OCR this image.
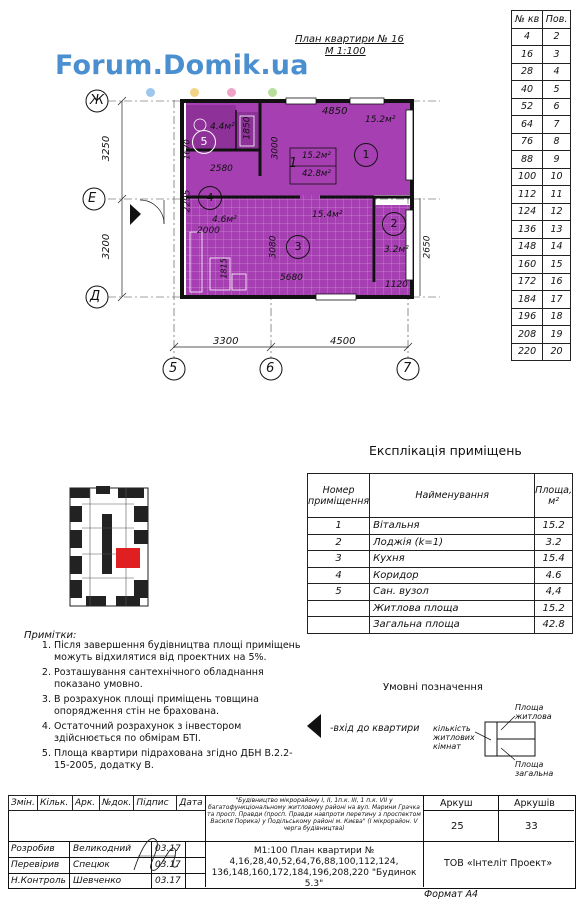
Forum.Domik.ua
План квартири № 16
М 1:100
Ж
Е
Д
5	6	7
3250
3200
3300	4500
4850
1850
3000
2580
2295
2000
3080
5680
1120
2650
1815
1670	1
15.2м²
2
3.2м²
3
15.4м²
4
4.6м²
5
4.4м²
1 15.2м²
42.8м²
№ кв	Пов.
4	2
16	3
28	4
40	5
52	6
64	7
76	8
88	9
100	10
112	11
124	12
136	13
148	14
160	15
172	16
184	17
196	18
208	19
220	20
Експлікація приміщень
Номер приміщення	Найменування	Площа, м²
1	Вітальня	15.2
2	Лоджія (k=1)	3.2
3	Кухня	15.4
4	Коридор	4.6
5	Сан. вузол	4,4
	Житлова площа	15.2
	Загальна площа	42.8
Примітки:
1. Після завершення будівництва площі приміщень можуть відхилятися від проектних на 5%.
2. Розташування сантехнічного обладнання показано умовно.
3. В розрахунок площі приміщень товщина опорядження стін не брахована.
4. Остаточний розрахунок з інвестором здійснюється по обмірам БТІ.
5. Площа квартири підрахована згідно ДБН В.2.2-15-2005, додатку В.
Умовні позначення
-вхід до квартири кількість житлових кімнат
Площа житлова
Площа загальна
Змін.	Кільк.	Арк.	№док.	Підпис	Дата	"Будівництво мікрорайону І, ІІ, 1п.к. ІІІ, 1 п.к. VІІ у багатофункціональному житловому районі на вул. Марини Грачка та просп. Правди (просп. Правди навпроти перетину з проспектом Василя Порика) у Подільському районі м. Києва" (І мікрорайон. V черга будівництва)
Аркуш	Аркушів
25	33
Розробив	Великодний	03.17
Перевірив	Спецюк	03.17
Н.Контроль Шевченко	03.17
М1:100 План квартири № 4,16,28,40,52,64,76,88,100,112,124, 136,148,160,172,184,196,208,220 "Будинок 5.3"
ТОВ «Інтеліт Проект»
Формат А4
